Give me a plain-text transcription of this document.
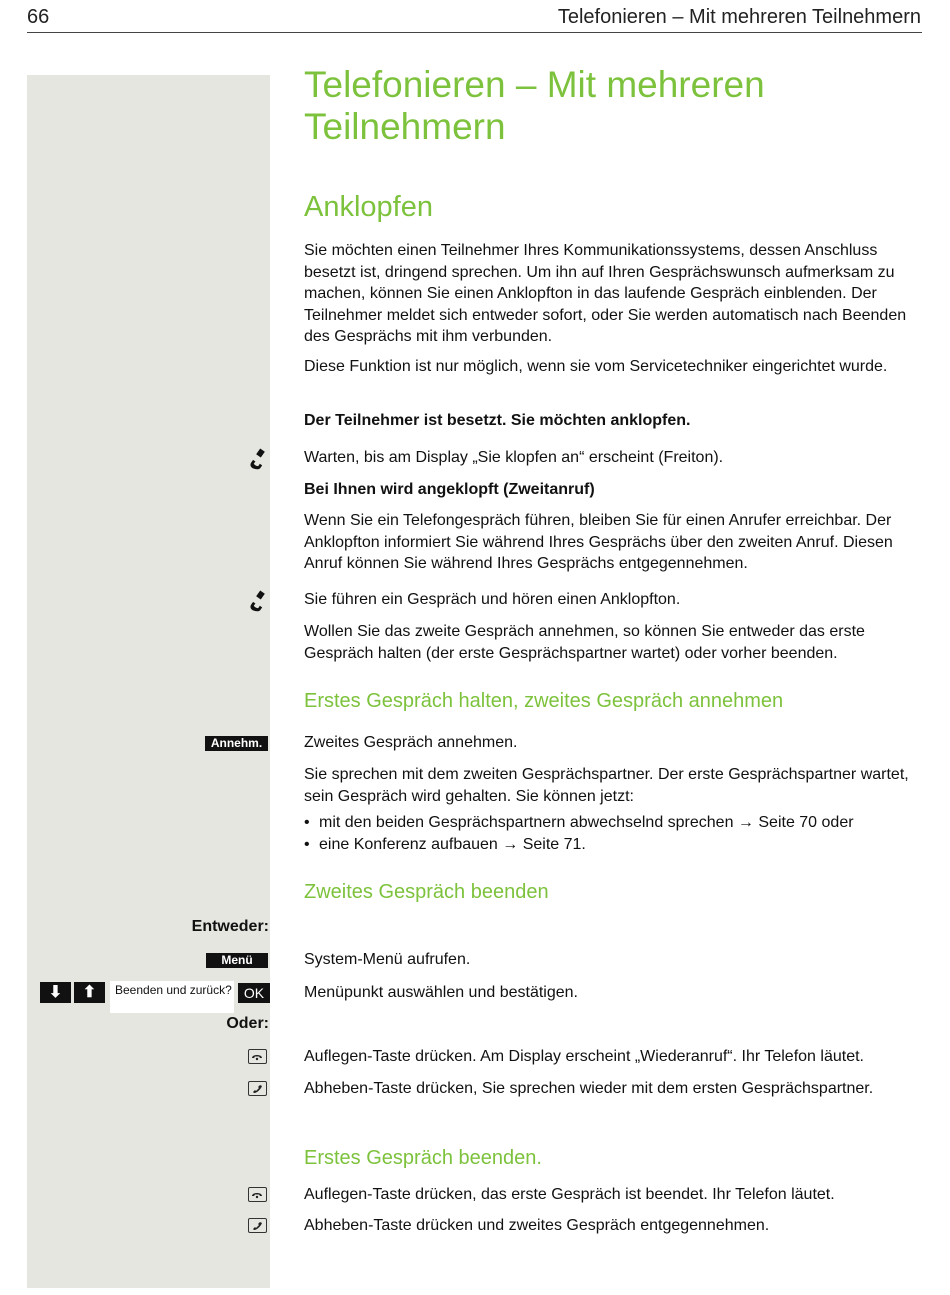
66	Telefonieren – Mit mehreren Teilnehmern
Telefonieren – Mit mehreren Teilnehmern
Anklopfen

Sie möchten einen Teilnehmer Ihres Kommunikationssystems, dessen Anschluss besetzt ist, dringend sprechen. Um ihn auf Ihren Gesprächswunsch aufmerksam zu machen, können Sie einen Anklopfton in das laufende Gespräch einblenden. Der Teilnehmer meldet sich entweder sofort, oder Sie werden automatisch nach Beenden des Gesprächs mit ihm verbunden.

Diese Funktion ist nur möglich, wenn sie vom Servicetechniker eingerichtet wurde.

Der Teilnehmer ist besetzt. Sie möchten anklopfen.

Warten, bis am Display „Sie klopfen an“ erscheint (Freiton).

Bei Ihnen wird angeklopft (Zweitanruf)

Wenn Sie ein Telefongespräch führen, bleiben Sie für einen Anrufer erreichbar. Der Anklopfton informiert Sie während Ihres Gesprächs über den zweiten Anruf. Diesen Anruf können Sie während Ihres Gesprächs entgegennehmen.

Sie führen ein Gespräch und hören einen Anklopfton.

Wollen Sie das zweite Gespräch annehmen, so können Sie entweder das erste Gespräch halten (der erste Gesprächspartner wartet) oder vorher beenden.

Erstes Gespräch halten, zweites Gespräch annehmen
Annehm.	Zweites Gespräch annehmen.

Sie sprechen mit dem zweiten Gesprächspartner. Der erste Gesprächspartner wartet, sein Gespräch wird gehalten. Sie können jetzt:

• mit den beiden Gesprächspartnern abwechselnd sprechen → Seite 70 oder
• eine Konferenz aufbauen → Seite 71.
Zweites Gespräch beenden
Entweder:
Menü	System-Menü aufrufen.

⬇	⬆	Beenden und zurück? OK	Menüpunkt auswählen und bestätigen.

Oder:

Auflegen-Taste drücken. Am Display erscheint „Wiederanruf“. Ihr Telefon läutet.

Abheben-Taste drücken, Sie sprechen wieder mit dem ersten Gesprächspartner.

Erstes Gespräch beenden.

Auflegen-Taste drücken, das erste Gespräch ist beendet. Ihr Telefon läutet.

Abheben-Taste drücken und zweites Gespräch entgegennehmen.
